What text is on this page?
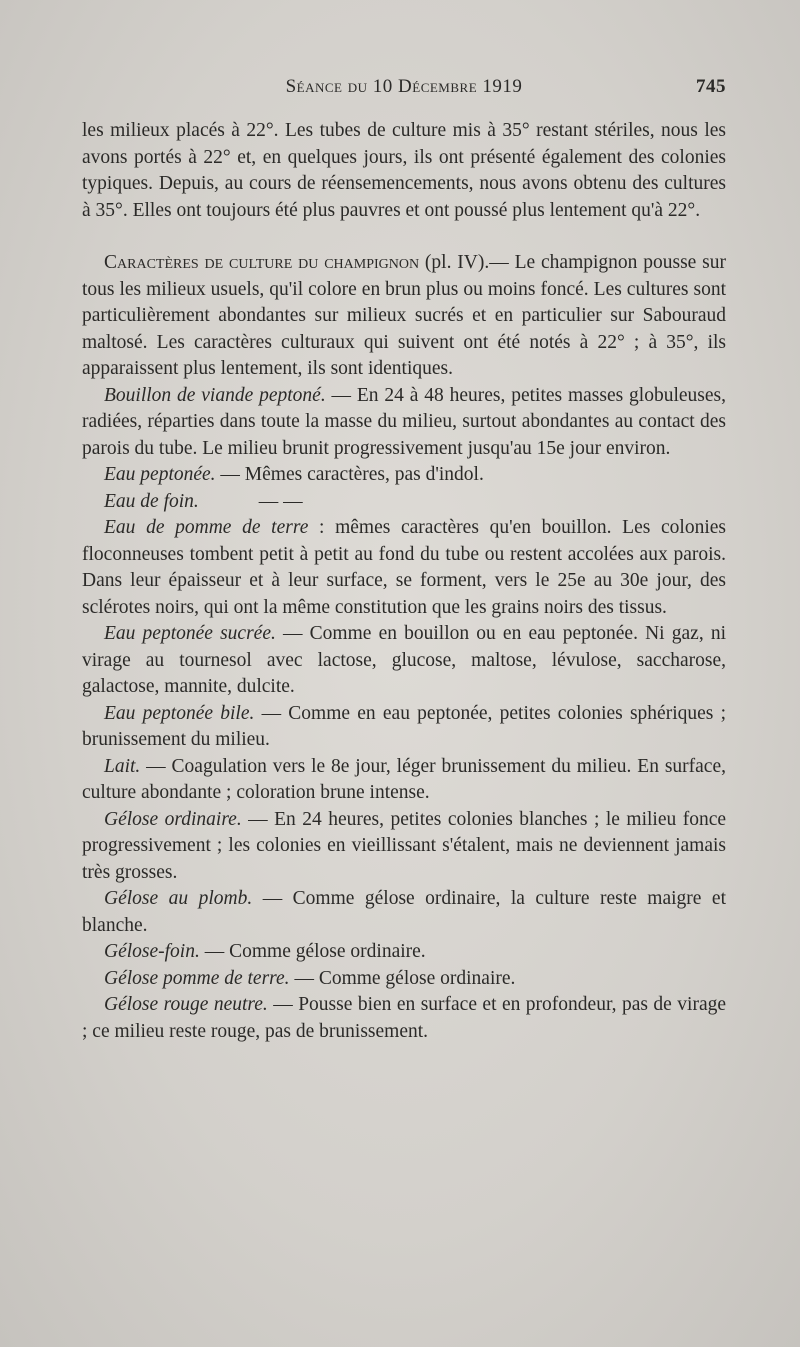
Séance du 10 Décembre 1919	745

les milieux placés à 22°. Les tubes de culture mis à 35° restant stériles, nous les avons portés à 22° et, en quelques jours, ils ont présenté également des colonies typiques. Depuis, au cours de réensemencements, nous avons obtenu des cultures à 35°. Elles ont toujours été plus pauvres et ont poussé plus lentement qu'à 22°.

Caractères de culture du champignon (pl. IV).— Le champignon pousse sur tous les milieux usuels, qu'il colore en brun plus ou moins foncé. Les cultures sont particulièrement abondantes sur milieux sucrés et en particulier sur Sabouraud maltosé. Les caractères culturaux qui suivent ont été notés à 22° ; à 35°, ils apparaissent plus lentement, ils sont identiques.

Bouillon de viande peptoné. — En 24 à 48 heures, petites masses globuleuses, radiées, réparties dans toute la masse du milieu, surtout abondantes au contact des parois du tube. Le milieu brunit progressivement jusqu'au 15e jour environ.

Eau peptonée. — Mêmes caractères, pas d'indol.

Eau de foin.	— —

Eau de pomme de terre : mêmes caractères qu'en bouillon. Les colonies floconneuses tombent petit à petit au fond du tube ou restent accolées aux parois. Dans leur épaisseur et à leur surface, se forment, vers le 25e au 30e jour, des sclérotes noirs, qui ont la même constitution que les grains noirs des tissus.

Eau peptonée sucrée. — Comme en bouillon ou en eau peptonée. Ni gaz, ni virage au tournesol avec lactose, glucose, maltose, lévulose, saccharose, galactose, mannite, dulcite.

Eau peptonée bile. — Comme en eau peptonée, petites colonies sphériques ; brunissement du milieu.

Lait. — Coagulation vers le 8e jour, léger brunissement du milieu. En surface, culture abondante ; coloration brune intense.

Gélose ordinaire. — En 24 heures, petites colonies blanches ; le milieu fonce progressivement ; les colonies en vieillissant s'étalent, mais ne deviennent jamais très grosses.

Gélose au plomb. — Comme gélose ordinaire, la culture reste maigre et blanche.

Gélose-foin. — Comme gélose ordinaire.

Gélose pomme de terre. — Comme gélose ordinaire.

Gélose rouge neutre. — Pousse bien en surface et en profondeur, pas de virage ; ce milieu reste rouge, pas de brunissement.
